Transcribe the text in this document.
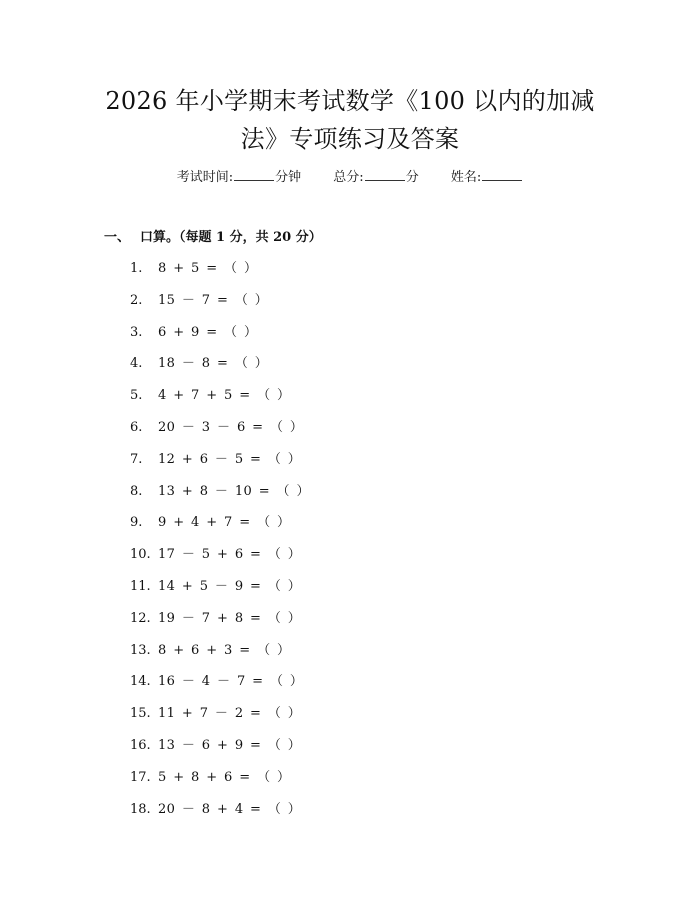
2026 年小学期末考试数学《100 以内的加减
法》专项练习及答案
考试时间:	分钟 总分:	分 姓名:
一、 口算。（每题 1 分，共 20 分）
1. 8 + 5 = （ ）
2. 15 － 7 = （ ）
3. 6 + 9 = （ ）
4. 18 － 8 = （ ）
5. 4 + 7 + 5 = （ ）
6. 20 － 3 － 6 = （ ）
7. 12 + 6 － 5 = （ ）
8. 13 + 8 － 10 = （ ）
9. 9 + 4 + 7 = （ ）
10. 17 － 5 + 6 = （ ）
11. 14 + 5 － 9 = （ ）
12. 19 － 7 + 8 = （ ）
13. 8 + 6 + 3 = （ ）
14. 16 － 4 － 7 = （ ）
15. 11 + 7 － 2 = （ ）
16. 13 － 6 + 9 = （ ）
17. 5 + 8 + 6 = （ ）
18. 20 － 8 + 4 = （ ）
